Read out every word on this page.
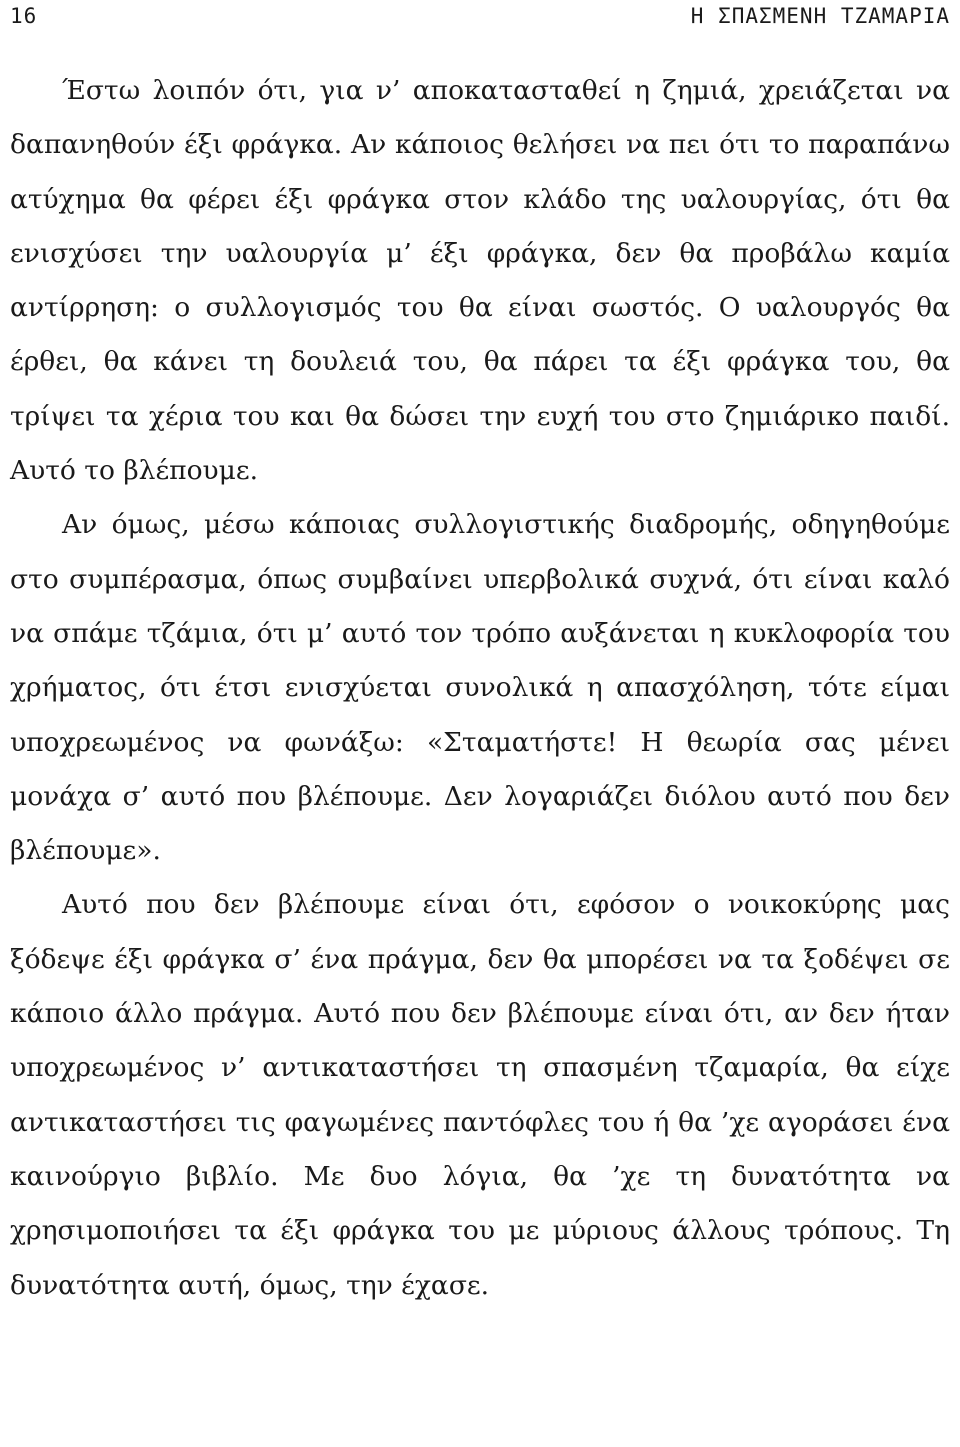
16	Η ΣΠΑΣΜΕΝΗ ΤΖΑΜΑΡΙΑ

Έστω λοιπόν ότι, για ν’ αποκατασταθεί η ζημιά, χρειάζεται να δαπανηθούν έξι φράγκα. Αν κάποιος θελήσει να πει ότι το παραπάνω ατύχημα θα φέρει έξι φράγκα στον κλάδο της υαλουργίας, ότι θα ενισχύσει την υαλουργία μ’ έξι φράγκα, δεν θα προβάλω καμία αντίρρηση: ο συλλογισμός του θα είναι σωστός. Ο υαλουργός θα έρθει, θα κάνει τη δουλειά του, θα πάρει τα έξι φράγκα του, θα τρίψει τα χέρια του και θα δώσει την ευχή του στο ζημιάρικο παιδί. Αυτό το βλέπουμε.

Αν όμως, μέσω κάποιας συλλογιστικής διαδρομής, οδηγηθούμε στο συμπέρασμα, όπως συμβαίνει υπερβολικά συχνά, ότι είναι καλό να σπάμε τζάμια, ότι μ’ αυτό τον τρόπο αυξάνεται η κυκλοφορία του χρήματος, ότι έτσι ενισχύεται συνολικά η απασχόληση, τότε είμαι υποχρεωμένος να φωνάξω: «Σταματήστε! Η θεωρία σας μένει μονάχα σ’ αυτό που βλέπουμε. Δεν λογαριάζει διόλου αυτό που δεν βλέπουμε».

Αυτό που δεν βλέπουμε είναι ότι, εφόσον ο νοικοκύρης μας ξόδεψε έξι φράγκα σ’ ένα πράγμα, δεν θα μπορέσει να τα ξοδέψει σε κάποιο άλλο πράγμα. Αυτό που δεν βλέπουμε είναι ότι, αν δεν ήταν υποχρεωμένος ν’ αντικαταστήσει τη σπασμένη τζαμαρία, θα είχε αντικαταστήσει τις φαγωμένες παντόφλες του ή θα ’χε αγοράσει ένα καινούργιο βιβλίο. Με δυο λόγια, θα ’χε τη δυνατότητα να χρησιμοποιήσει τα έξι φράγκα του με μύριους άλλους τρόπους. Τη δυνατότητα αυτή, όμως, την έχασε.
